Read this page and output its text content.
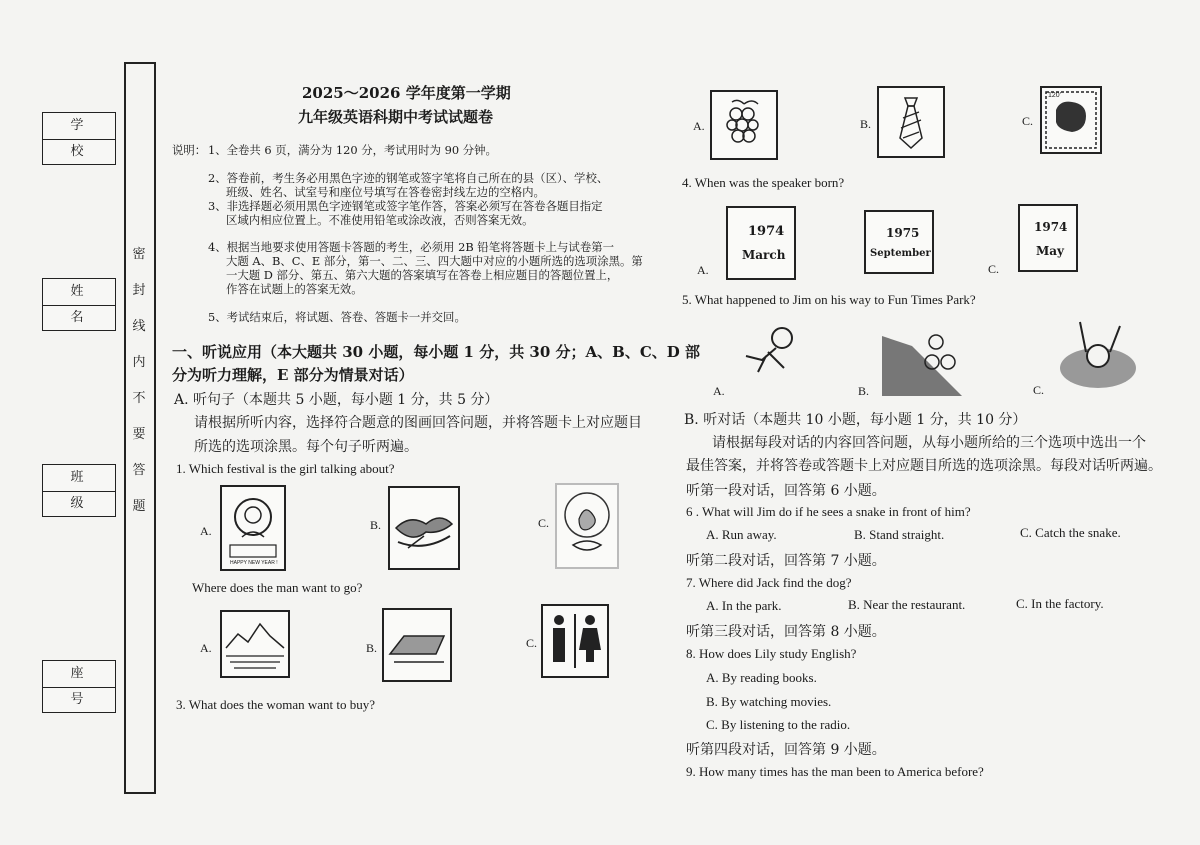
学 校
姓 名
班 级
座 号
密
封
线
内
不
要
答
题
2025～2026 学年度第一学期
九年级英语科期中考试试题卷
说明： 1、全卷共 6 页，满分为 120 分，考试用时为 90 分钟。
2、答卷前，考生务必用黑色字迹的钢笔或签字笔将自己所在的县（区）、学校、
班级、姓名、试室号和座位号填写在答卷密封线左边的空格内。
3、非选择题必须用黑色字迹钢笔或签字笔作答，答案必须写在答卷各题目指定
区域内相应位置上。不准使用铅笔或涂改液，否则答案无效。
4、根据当地要求使用答题卡答题的考生，必须用 2B 铅笔将答题卡上与试卷第一
大题 A、B、C、E 部分，第一、二、三、四大题中对应的小题所选的选项涂黑。第
一大题 D 部分、第五、第六大题的答案填写在答卷上相应题目的答题位置上，
作答在试题上的答案无效。
5、考试结束后，将试题、答卷、答题卡一并交回。
一、听说应用（本大题共 30 小题，每小题 1 分，共 30 分；A、B、C、D 部
分为听力理解，E 部分为情景对话）
A. 听句子（本题共 5 小题，每小题 1 分，共 5 分）
请根据所听内容，选择符合题意的图画回答问题，并将答题卡上对应题目
所选的选项涂黑。每个句子听两遍。
1. Which festival is the girl talking about?
A.
HAPPY NEW YEAR !
B.	C.
Where does the man want to go?
A.	B.	C.
3. What does the woman want to buy?
A.	B.	C.
120'
4. When was the speaker born?
A.
1974
March
1975
September
C.
1974
May
5. What happened to Jim on his way to Fun Times Park?
A.	B.	C.
B. 听对话（本题共 10 小题，每小题 1 分，共 10 分）
请根据每段对话的内容回答问题，从每小题所给的三个选项中选出一个
最佳答案，并将答卷或答题卡上对应题目所选的选项涂黑。每段对话听两遍。
听第一段对话，回答第 6 小题。
6 . What will Jim do if he sees a snake in front of him?
A. Run away.	B. Stand straight.	C. Catch the snake.
听第二段对话，回答第 7 小题。
7. Where did Jack find the dog?
A. In the park.	B. Near the restaurant.	C. In the factory.
听第三段对话，回答第 8 小题。
8. How does Lily study English?
A. By reading books.
B. By watching movies.
C. By listening to the radio.
听第四段对话，回答第 9 小题。
9. How many times has the man been to America before?
